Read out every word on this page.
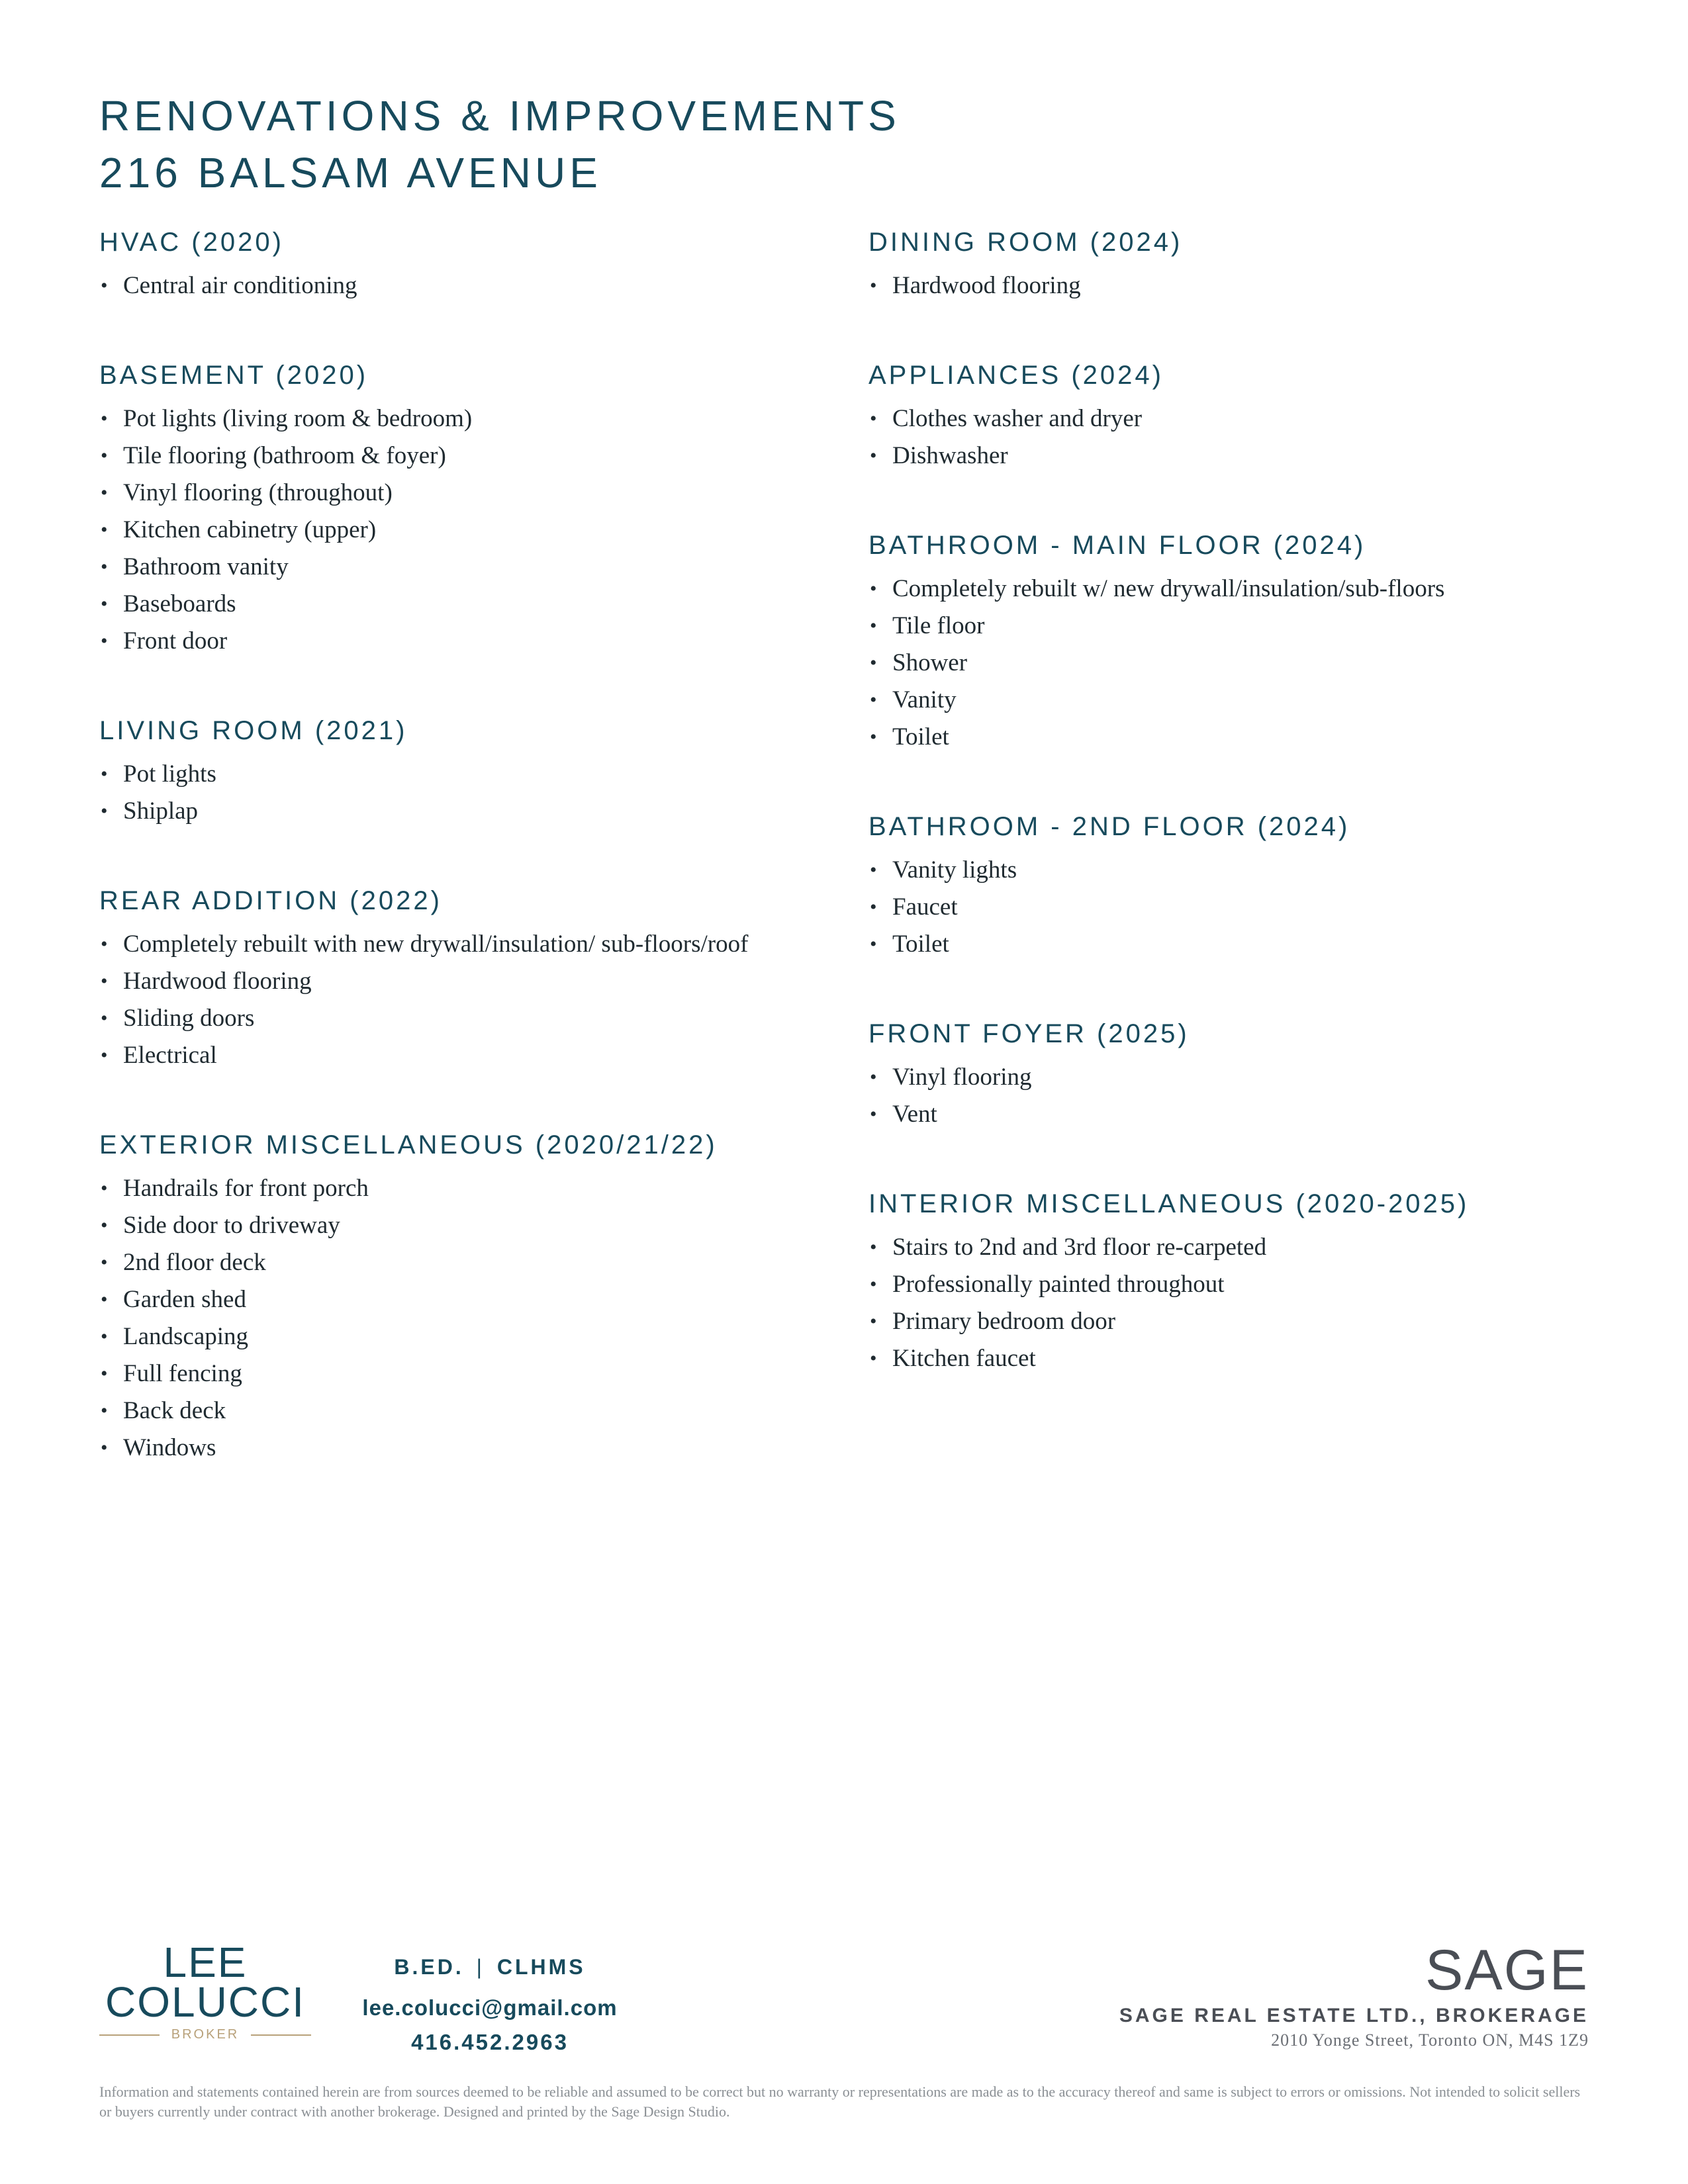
RENOVATIONS & IMPROVEMENTS
216 BALSAM AVENUE
HVAC (2020)
• Central air conditioning
BASEMENT (2020)
• Pot lights (living room & bedroom)
• Tile flooring (bathroom & foyer)
• Vinyl flooring (throughout)
• Kitchen cabinetry (upper)
• Bathroom vanity
• Baseboards
• Front door
LIVING ROOM (2021)
• Pot lights
• Shiplap
REAR ADDITION (2022)
• Completely rebuilt with new drywall/insulation/ sub-floors/roof
• Hardwood flooring
• Sliding doors
• Electrical
EXTERIOR MISCELLANEOUS (2020/21/22)
• Handrails for front porch
• Side door to driveway
• 2nd floor deck
• Garden shed
• Landscaping
• Full fencing
• Back deck
• Windows
DINING ROOM (2024)
• Hardwood flooring
APPLIANCES (2024)
• Clothes washer and dryer
• Dishwasher
BATHROOM - MAIN FLOOR (2024)
• Completely rebuilt w/ new drywall/insulation/sub-floors
• Tile floor
• Shower
• Vanity
• Toilet
BATHROOM - 2ND FLOOR (2024)
• Vanity lights
• Faucet
• Toilet
FRONT FOYER (2025)
• Vinyl flooring
• Vent
INTERIOR MISCELLANEOUS (2020-2025)
• Stairs to 2nd and 3rd floor re-carpeted
• Professionally painted throughout
• Primary bedroom door
• Kitchen faucet
LEE
COLUCCI
BROKER
B.ED. | CLHMS
lee.colucci@gmail.com
416.452.2963
SAGE
SAGE REAL ESTATE LTD., BROKERAGE
2010 Yonge Street, Toronto ON, M4S 1Z9
Information and statements contained herein are from sources deemed to be reliable and assumed to be correct but no warranty or representations are made as to the accuracy thereof and same is subject to errors or omissions. Not intended to solicit sellers or buyers currently under contract with another brokerage. Designed and printed by the Sage Design Studio.
